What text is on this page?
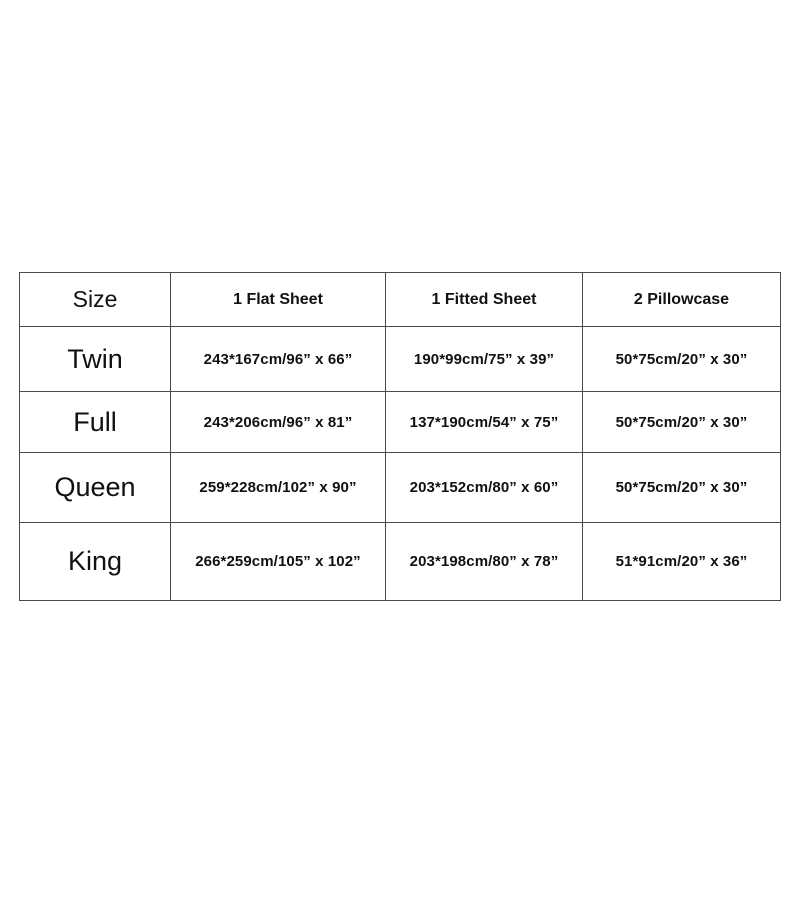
Size	1 Flat Sheet	1 Fitted Sheet	2 Pillowcase
Twin	243*167cm/96” x 66”	190*99cm/75” x 39”	50*75cm/20” x 30”
Full	243*206cm/96” x 81”	137*190cm/54” x 75”	50*75cm/20” x 30”
Queen	259*228cm/102” x 90”	203*152cm/80” x 60”	50*75cm/20” x 30”
King	266*259cm/105” x 102”	203*198cm/80” x 78”	51*91cm/20” x 36”
